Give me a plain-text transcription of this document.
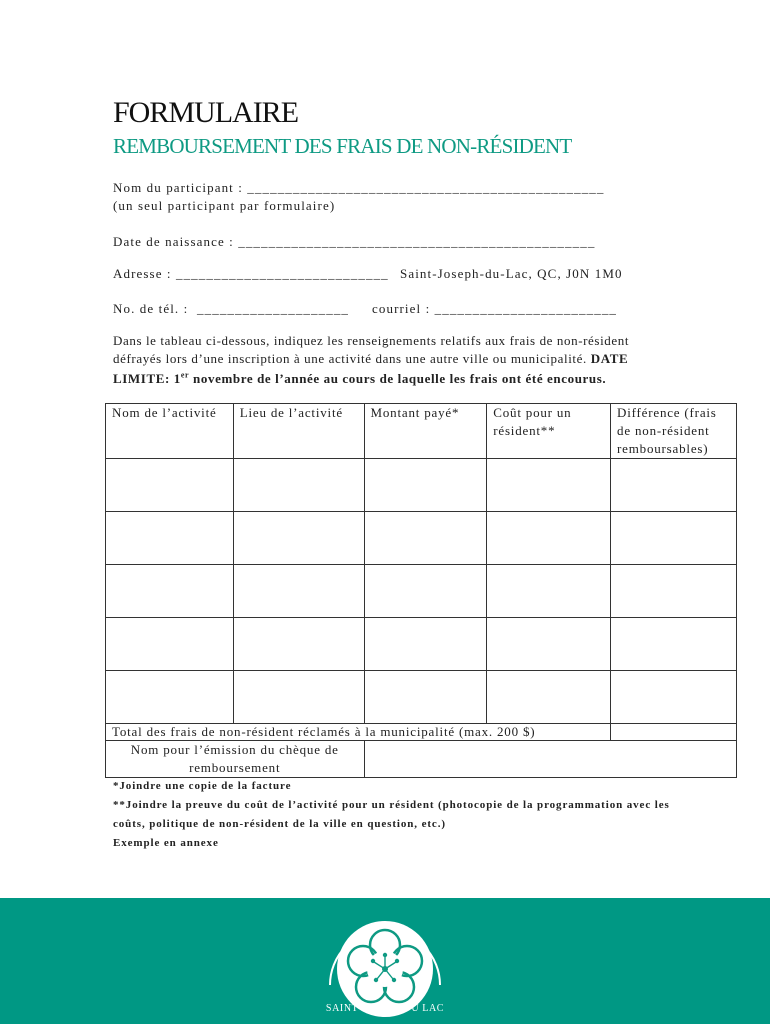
FORMULAIRE
REMBOURSEMENT DES FRAIS DE NON-RÉSIDENT
Nom du participant : _______________________________________________
(un seul participant par formulaire)
Date de naissance : _______________________________________________
Adresse : ____________________________ Saint-Joseph-du-Lac, QC, J0N 1M0
No. de tél. :  ____________________ courriel : ________________________
Dans le tableau ci-dessous, indiquez les renseignements relatifs aux frais de non-résident défrayés lors d’une inscription à une activité dans une autre ville ou municipalité. DATE LIMITE: 1er novembre de l’année au cours de laquelle les frais ont été encourus.
Nom de l’activité	Lieu de l’activité	Montant payé*	Coût pour un résident**	Différence (frais de non-résident remboursables)

Total des frais de non-résident réclamés à la municipalité (max. 200 $)				
Nom pour l’émission du chèque de remboursement				
*Joindre une copie de la facture
**Joindre la preuve du coût de l’activité pour un résident (photocopie de la programmation avec les coûts, politique de non-résident de la ville en question, etc.)
Exemple en annexe
SAINT JOSEPH DU LAC
